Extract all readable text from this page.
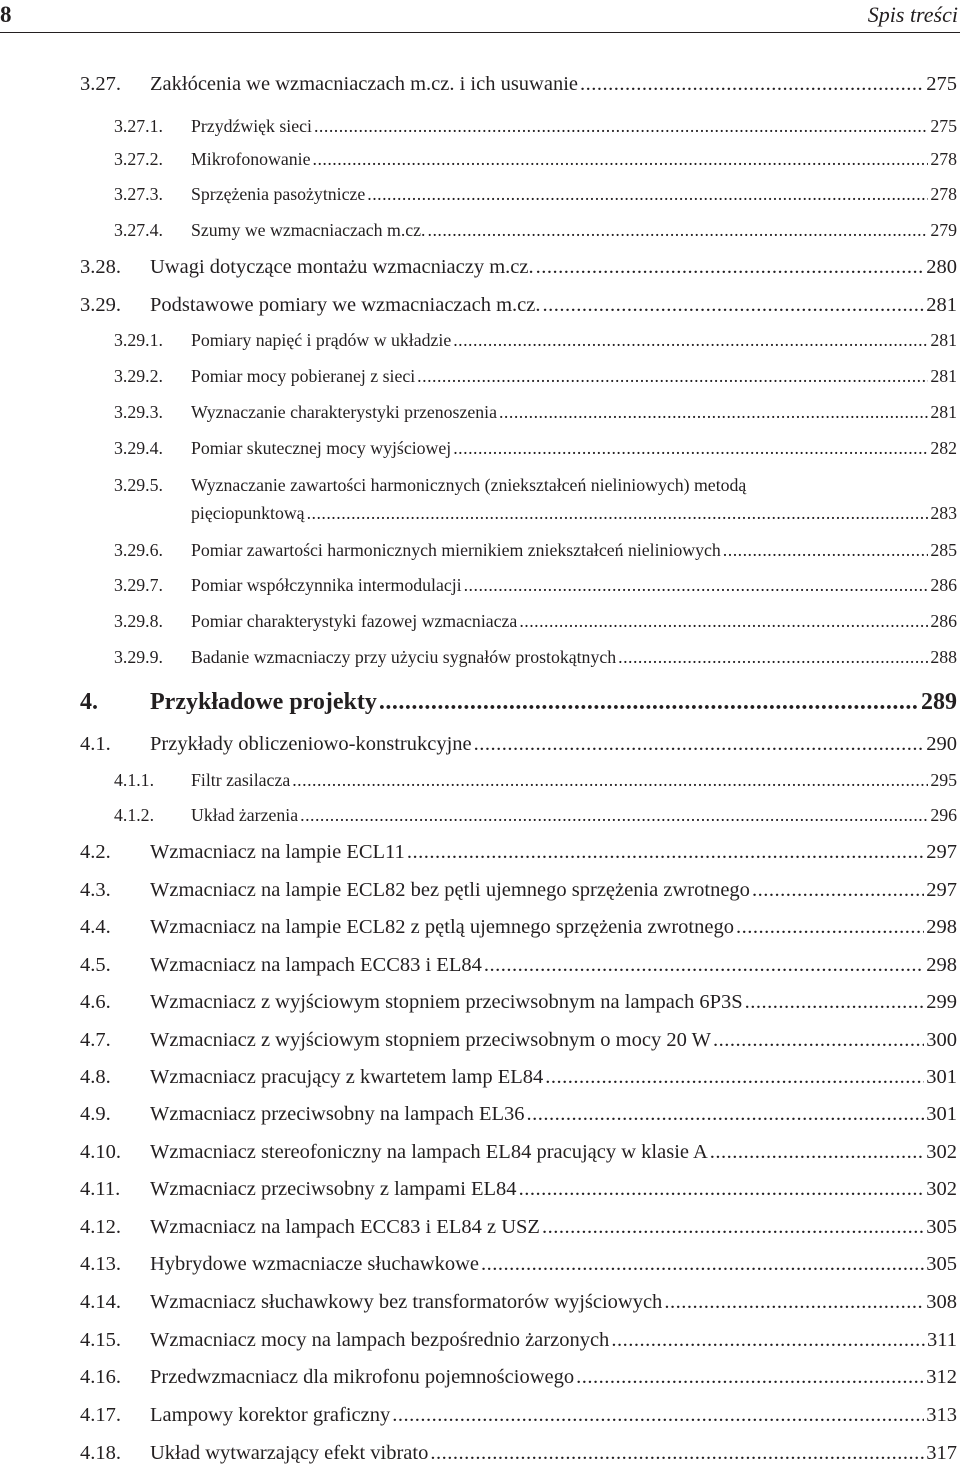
8	Spis treści
3.27. Zakłócenia we wzmacniaczach m.cz. i ich usuwanie .....	275
3.27.1. Przydźwięk sieci .....	275
3.27.2. Mikrofonowanie .....	278
3.27.3. Sprzężenia pasożytnicze .....	278
3.27.4. Szumy we wzmacniaczach m.cz. .....	279
3.28. Uwagi dotyczące montażu wzmacniaczy m.cz. .....	280
3.29. Podstawowe pomiary we wzmacniaczach m.cz. .....	281
3.29.1. Pomiary napięć i prądów w układzie .....	281
3.29.2. Pomiar mocy pobieranej z sieci .....	281
3.29.3. Wyznaczanie charakterystyki przenoszenia .....	281
3.29.4. Pomiar skutecznej mocy wyjściowej .....	282
3.29.5. Wyznaczanie zawartości harmonicznych (zniekształceń nieliniowych) metodą
pięciopunktową .....	283
3.29.6. Pomiar zawartości harmonicznych miernikiem zniekształceń nieliniowych .....	285
3.29.7. Pomiar współczynnika intermodulacji .....	286
3.29.8. Pomiar charakterystyki fazowej wzmacniacza .....	286
3.29.9. Badanie wzmacniaczy przy użyciu sygnałów prostokątnych .....	288
4. Przykładowe projekty .....	289
4.1. Przykłady obliczeniowo-konstrukcyjne .....	290
4.1.1. Filtr zasilacza .....	295
4.1.2. Układ żarzenia .....	296
4.2. Wzmacniacz na lampie ECL11 .....	297
4.3. Wzmacniacz na lampie ECL82 bez pętli ujemnego sprzężenia zwrotnego .....	297
4.4. Wzmacniacz na lampie ECL82 z pętlą ujemnego sprzężenia zwrotnego .....	298
4.5. Wzmacniacz na lampach ECC83 i EL84 .....	298
4.6. Wzmacniacz z wyjściowym stopniem przeciwsobnym na lampach 6P3S .....	299
4.7. Wzmacniacz z wyjściowym stopniem przeciwsobnym o mocy 20 W .....	300
4.8. Wzmacniacz pracujący z kwartetem lamp EL84 .....	301
4.9. Wzmacniacz przeciwsobny na lampach EL36 .....	301
4.10. Wzmacniacz stereofoniczny na lampach EL84 pracujący w klasie A .....	302
4.11. Wzmacniacz przeciwsobny z lampami EL84 .....	302
4.12. Wzmacniacz na lampach ECC83 i EL84 z USZ .....	305
4.13. Hybrydowe wzmacniacze słuchawkowe .....	305
4.14. Wzmacniacz słuchawkowy bez transformatorów wyjściowych .....	308
4.15. Wzmacniacz mocy na lampach bezpośrednio żarzonych .....	311
4.16. Przedwzmacniacz dla mikrofonu pojemnościowego .....	312
4.17. Lampowy korektor graficzny .....	313
4.18. Układ wytwarzający efekt vibrato .....	317
